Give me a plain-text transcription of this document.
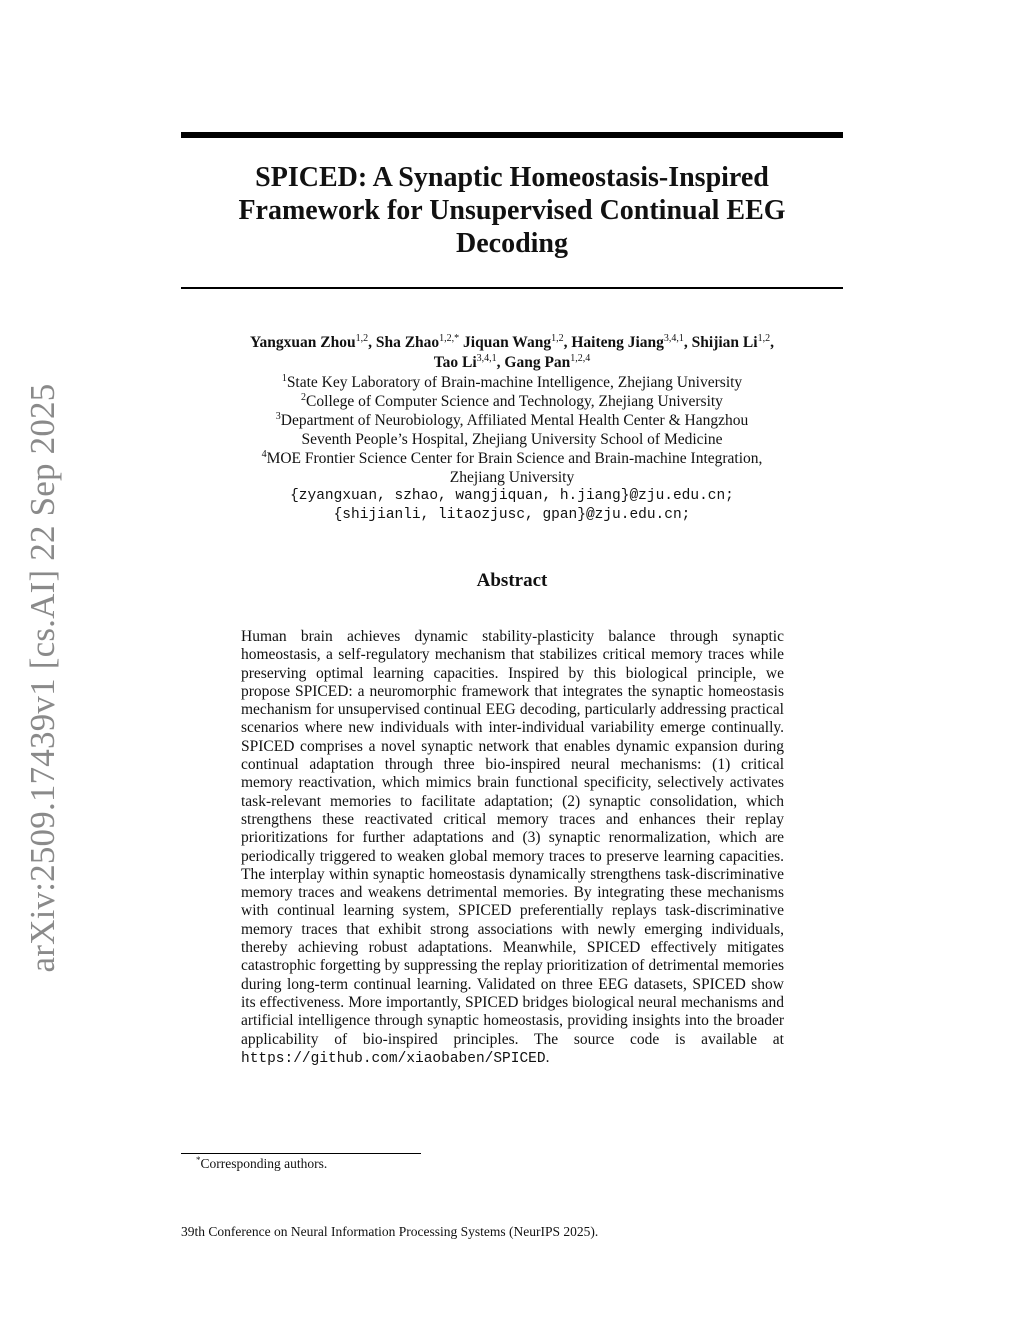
arXiv:2509.17439v1 [cs.AI] 22 Sep 2025
SPICED: A Synaptic Homeostasis-Inspired
Framework for Unsupervised Continual EEG
Decoding
Yangxuan Zhou$^{1,2}$, Sha Zhao$^{1,2,*}$ Jiquan Wang$^{1,2}$, Haiteng Jiang$^{3,4,1}$, Shijian Li$^{1,2}$,
Tao Li$^{3,4,1}$, Gang Pan$^{1,2,4}$
$^1$State Key Laboratory of Brain-machine Intelligence, Zhejiang University
$^2$College of Computer Science and Technology, Zhejiang University
$^3$Department of Neurobiology, Affiliated Mental Health Center & Hangzhou
Seventh People’s Hospital, Zhejiang University School of Medicine
$^4$MOE Frontier Science Center for Brain Science and Brain-machine Integration,
Zhejiang University
{zyangxuan, szhao, wangjiquan, h.jiang}@zju.edu.cn;
{shijianli, litaozjusc, gpan}@zju.edu.cn;
Abstract
Human brain achieves dynamic stability-plasticity balance through synaptic homeostasis, a self-regulatory mechanism that stabilizes critical memory traces while preserving optimal learning capacities. Inspired by this biological principle, we propose SPICED: a neuromorphic framework that integrates the synaptic homeostasis mechanism for unsupervised continual EEG decoding, particularly addressing practical scenarios where new individuals with inter-individual variability emerge continually. SPICED comprises a novel synaptic network that enables dynamic expansion during continual adaptation through three bio-inspired neural mechanisms: (1) critical memory reactivation, which mimics brain functional specificity, selectively activates task-relevant memories to facilitate adaptation; (2) synaptic consolidation, which strengthens these reactivated critical memory traces and enhances their replay prioritizations for further adaptations and (3) synaptic renormalization, which are periodically triggered to weaken global memory traces to preserve learning capacities. The interplay within synaptic homeostasis dynamically strengthens task-discriminative memory traces and weakens detrimental memories. By integrating these mechanisms with continual learning system, SPICED preferentially replays task-discriminative memory traces that exhibit strong associations with newly emerging individuals, thereby achieving robust adaptations. Meanwhile, SPICED effectively mitigates catastrophic forgetting by suppressing the replay prioritization of detrimental memories during long-term continual learning. Validated on three EEG datasets, SPICED show its effectiveness. More importantly, SPICED bridges biological neural mechanisms and artificial intelligence through synaptic homeostasis, providing insights into the broader applicability of bio-inspired principles. The source code is available at https://github.com/xiaobaben/SPICED.
*Corresponding authors.
39th Conference on Neural Information Processing Systems (NeurIPS 2025).
